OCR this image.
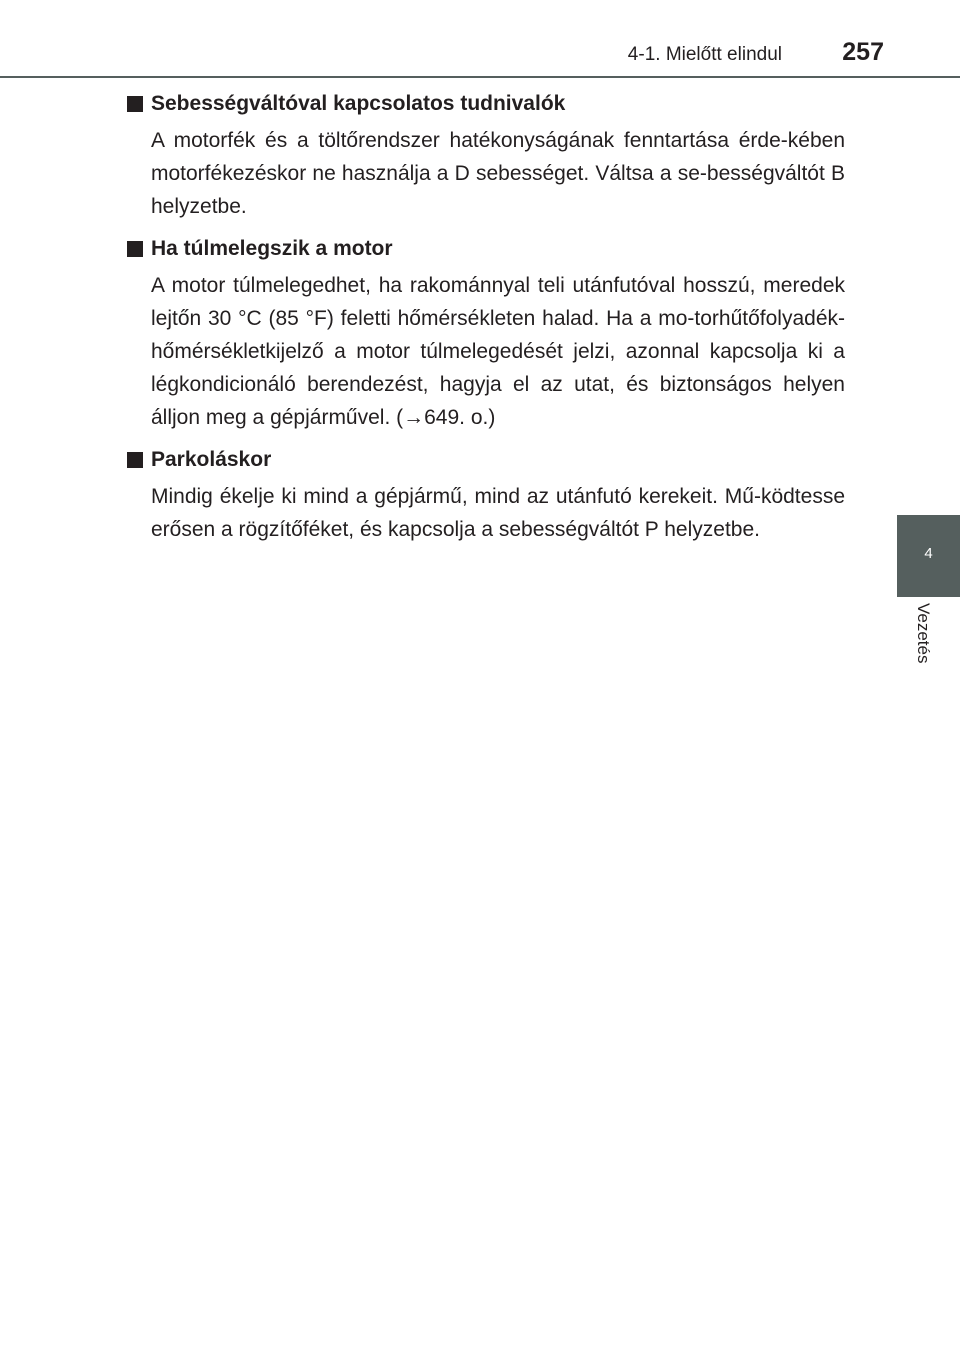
4-1. Mielőtt elindul 257
4
Vezetés
Sebességváltóval kapcsolatos tudnivalók
A motorfék és a töltőrendszer hatékonyságának fenntartása érde-kében motorfékezéskor ne használja a D sebességet. Váltsa a se-bességváltót B helyzetbe.
Ha túlmelegszik a motor
A motor túlmelegedhet, ha rakománnyal teli utánfutóval hosszú, meredek lejtőn 30 °C (85 °F) feletti hőmérsékleten halad. Ha a mo-torhűtőfolyadék-hőmérsékletkijelző a motor túlmelegedését jelzi, azonnal kapcsolja ki a légkondicionáló berendezést, hagyja el az utat, és biztonságos helyen álljon meg a gépjárművel. (→649. o.)
Parkoláskor
Mindig ékelje ki mind a gépjármű, mind az utánfutó kerekeit. Mű-ködtesse erősen a rögzítőféket, és kapcsolja a sebességváltót P helyzetbe.
